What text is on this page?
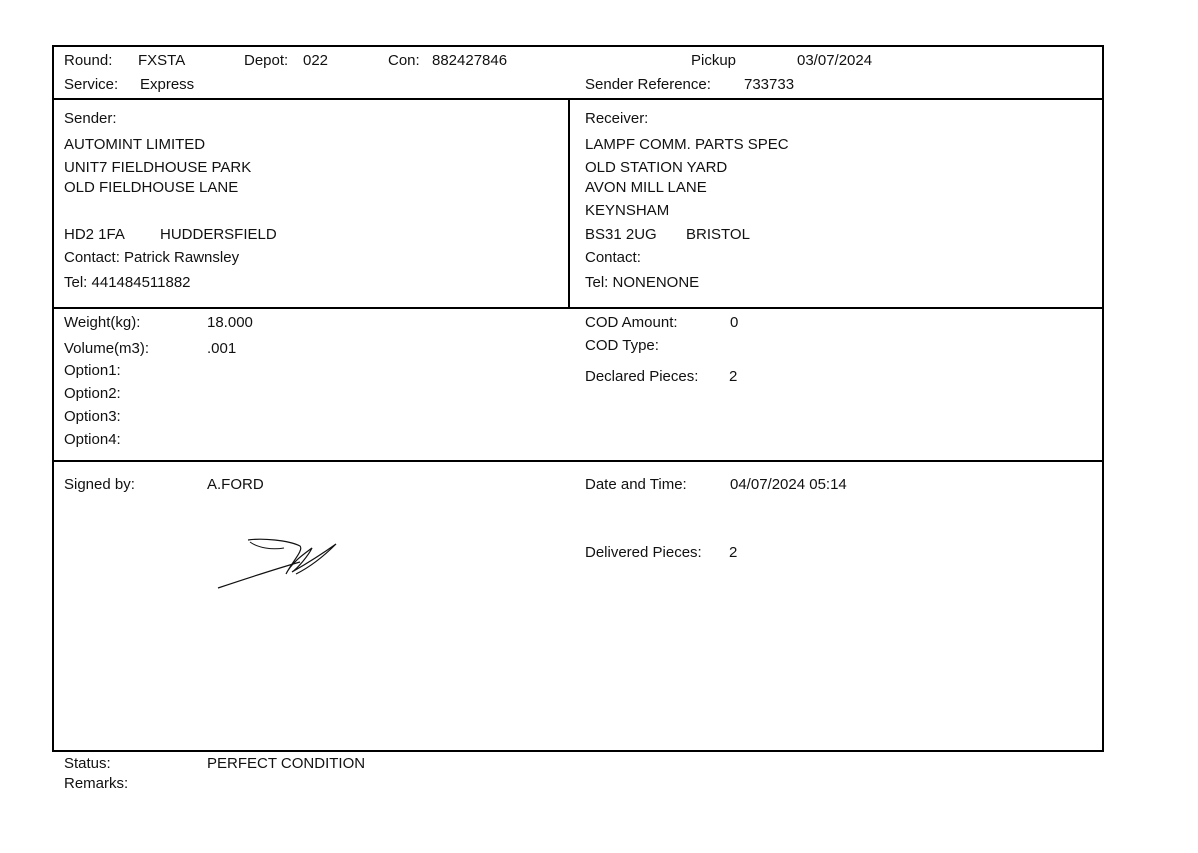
Round: FXSTA	Depot: 022	Con: 882427846
Service: Express
Pickup	03/07/2024
Sender Reference: 733733
Sender:
AUTOMINT LIMITED
UNIT7 FIELDHOUSE PARK
OLD FIELDHOUSE LANE
HD2 1FA HUDDERSFIELD
Contact: Patrick Rawnsley
Tel: 441484511882
Receiver:
LAMPF COMM. PARTS SPEC
OLD STATION YARD
AVON MILL LANE
KEYNSHAM
BS31 2UG BRISTOL
Contact:
Tel: NONENONE
Weight(kg):	18.000
Volume(m3):	.001
Option1:
Option2:
Option3:
Option4:
COD Amount:	0
COD Type:
Declared Pieces: 2
Signed by:	A.FORD	Date and Time:	04/07/2024 05:14
Delivered Pieces: 2
Status:	PERFECT CONDITION
Remarks:
